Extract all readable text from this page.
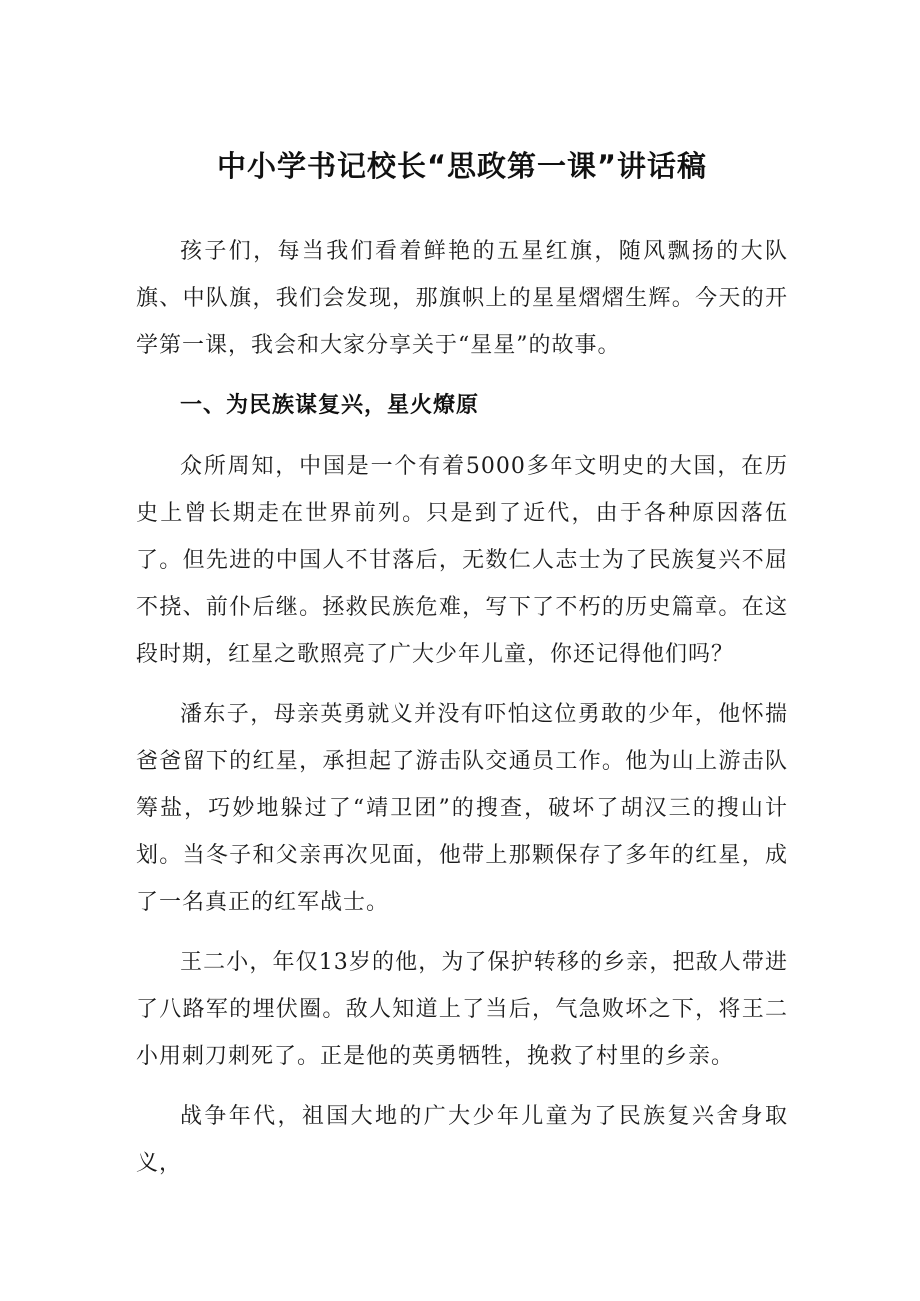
中小学书记校长“思政第一课”讲话稿

孩子们，每当我们看着鲜艳的五星红旗，随风飘扬的大队旗、中队旗，我们会发现，那旗帜上的星星熠熠生辉。今天的开学第一课，我会和大家分享关于“星星”的故事。

一、为民族谋复兴，星火燎原

众所周知，中国是一个有着5000多年文明史的大国，在历史上曾长期走在世界前列。只是到了近代，由于各种原因落伍了。但先进的中国人不甘落后，无数仁人志士为了民族复兴不屈不挠、前仆后继。拯救民族危难，写下了不朽的历史篇章。在这段时期，红星之歌照亮了广大少年儿童，你还记得他们吗？

潘东子，母亲英勇就义并没有吓怕这位勇敢的少年，他怀揣爸爸留下的红星，承担起了游击队交通员工作。他为山上游击队筹盐，巧妙地躲过了“靖卫团”的搜查，破坏了胡汉三的搜山计划。当冬子和父亲再次见面，他带上那颗保存了多年的红星，成了一名真正的红军战士。

王二小，年仅13岁的他，为了保护转移的乡亲，把敌人带进了八路军的埋伏圈。敌人知道上了当后，气急败坏之下，将王二小用刺刀刺死了。正是他的英勇牺牲，挽救了村里的乡亲。

战争年代，祖国大地的广大少年儿童为了民族复兴舍身取义，
